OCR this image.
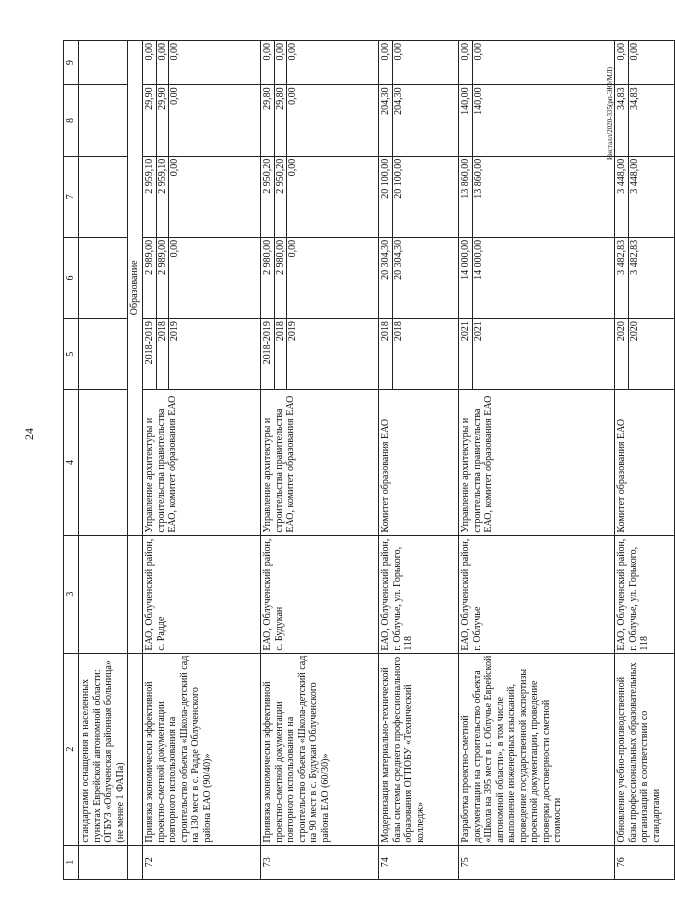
24
Инсталл/2020-335(рп-ЭЮ/МЛ)
1	2	3	4	5	6	7	8	9
	стандартами оснащения в населенных пунктах Еврейской автономной области: ОГБУЗ «Облученская районная больница» (не менее 1 ФАПа)							
			Образование					
72	Привязка экономически эффективной проектно-сметной документации повторного использования на строительство объекта «Школа-детский сад на 130 мест в с. Радде Облученского района ЕАО (90/40)»	ЕАО, Облученский район, с. Радде	Управление архитектуры и строительства правительства ЕАО, комитет образования ЕАО	2018-2019 2018 2019	2 989,00 2 989,00 0,00	2 959,10 2 959,10 0,00	29,90 29,90 0,00	0,00 0,00 0,00

73	Привязка экономически эффективной проектно-сметной документации повторного использования на строительство объекта «Школа-детский сад на 90 мест в с. Будукан Облученского района ЕАО (60/30)»	ЕАО, Облученский район, с. Будукан	Управление архитектуры и строительства правительства ЕАО, комитет образования ЕАО	2018-2019 2018 2019	2 980,00 2 980,00 0,00	2 950,20 2 950,20 0,00	29,80 29,80 0,00	0,00 0,00 0,00

74	Модернизация материально-технической базы системы среднего профессионального образования ОГПОБУ «Технический колледж»	ЕАО, Облученский район, г. Облучье, ул. Горького, 118	Комитет образования ЕАО	2018 2018	20 304,30 20 304,30	20 100,00 20 100,00	204,30 204,30	0,00 0,00

75	Разработка проектно-сметной документации на строительство объекта «Школа на 395 мест в г. Облучье Еврейской автономной области», в том числе выполнение инженерных изысканий, проведение государственной экспертизы проектной документации, проведение проверки достоверности сметной стоимости	ЕАО, Облученский район, г. Облучье	Управление архитектуры и строительства правительства ЕАО, комитет образования ЕАО	2021 2021	14 000,00 14 000,00	13 860,00 13 860,00	140,00 140,00	0,00 0,00

76	Обновление учебно-производственной базы профессиональных образовательных организаций в соответствии со стандартами	ЕАО, Облученский район, г. Облучье, ул. Горького, 118	Комитет образования ЕАО	2020 2020	3 482,83 3 482,83	3 448,00 3 448,00	34,83 34,83	0,00 0,00
